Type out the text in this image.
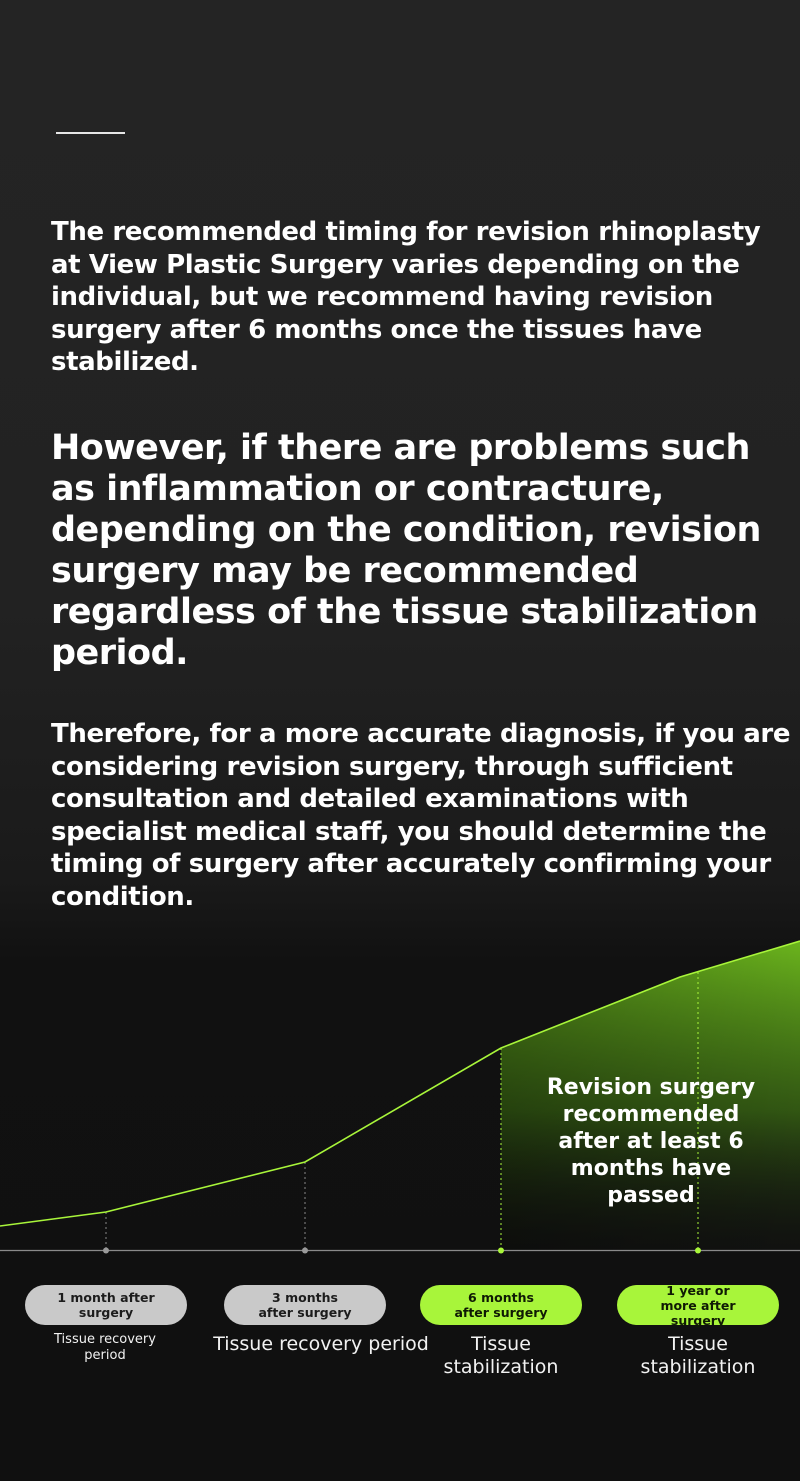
The recommended timing for revision rhinoplasty at View Plastic Surgery varies depending on the individual, but we recommend having revision surgery after 6 months once the tissues have stabilized.

However, if there are problems such as inflammation or contracture, depending on the condition, revision surgery may be recommended regardless of the tissue stabilization period.

Therefore, for a more accurate diagnosis, if you are considering revision surgery, through sufficient consultation and detailed examinations with specialist medical staff, you should determine the timing of surgery after accurately confirming your condition.

Revision surgery recommended after at least 6 months have passed
1 month after surgery
Tissue recovery period
3 months after surgery
Tissue recovery period
6 months after surgery
Tissue stabilization
1 year or more after surgery
Tissue stabilization
